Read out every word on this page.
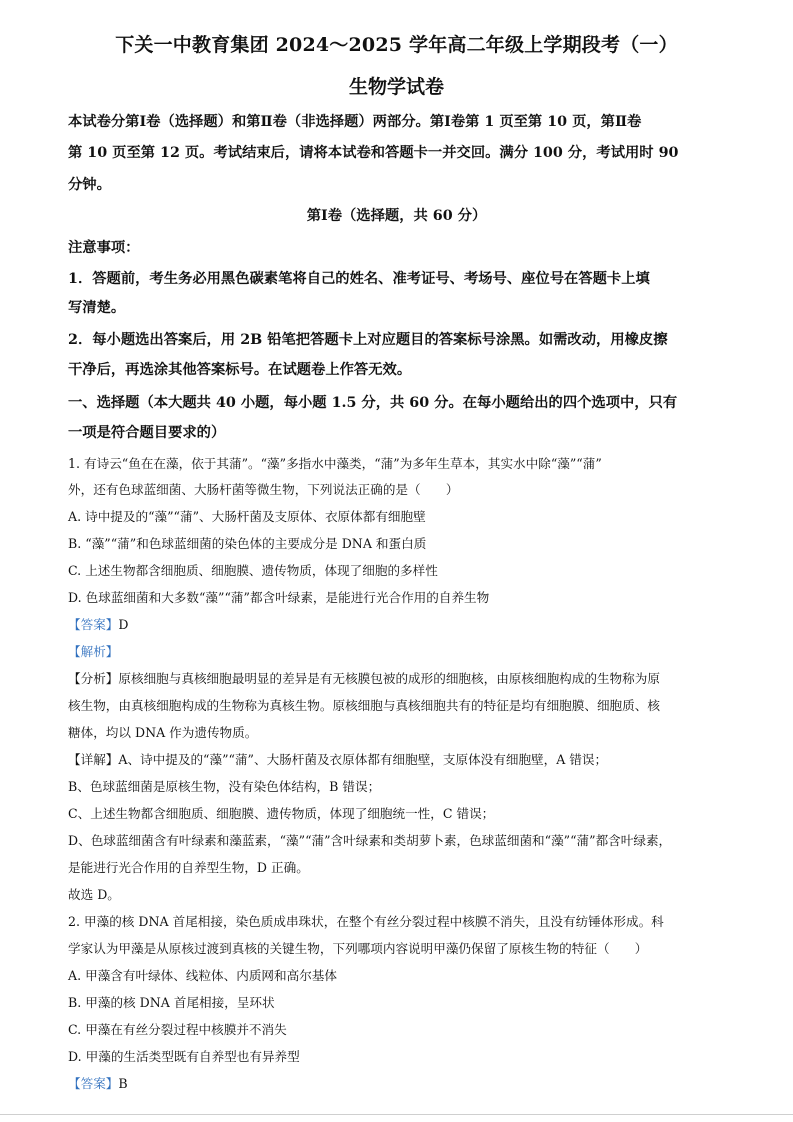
下关一中教育集团 2024～2025 学年高二年级上学期段考（一）
生物学试卷
本试卷分第Ⅰ卷（选择题）和第Ⅱ卷（非选择题）两部分。第Ⅰ卷第 1 页至第 10 页，第Ⅱ卷
第 10 页至第 12 页。考试结束后，请将本试卷和答题卡一并交回。满分 100 分，考试用时 90
分钟。
第Ⅰ卷（选择题，共 60 分）
注意事项：
1．答题前，考生务必用黑色碳素笔将自己的姓名、准考证号、考场号、座位号在答题卡上填
写清楚。
2．每小题选出答案后，用 2B 铅笔把答题卡上对应题目的答案标号涂黑。如需改动，用橡皮擦
干净后，再选涂其他答案标号。在试题卷上作答无效。
一、选择题（本大题共 40 小题，每小题 1.5 分，共 60 分。在每小题给出的四个选项中，只有
一项是符合题目要求的）
1. 有诗云“鱼在在藻，依于其蒲”。“藻”多指水中藻类，“蒲”为多年生草本，其实水中除“藻”“蒲”
外，还有色球蓝细菌、大肠杆菌等微生物，下列说法正确的是（　　）
A. 诗中提及的“藻”“蒲”、大肠杆菌及支原体、衣原体都有细胞壁
B. “藻”“蒲”和色球蓝细菌的染色体的主要成分是 DNA 和蛋白质
C. 上述生物都含细胞质、细胞膜、遗传物质，体现了细胞的多样性
D. 色球蓝细菌和大多数“藻”“蒲”都含叶绿素，是能进行光合作用的自养生物
【答案】D
【解析】
【分析】原核细胞与真核细胞最明显的差异是有无核膜包被的成形的细胞核，由原核细胞构成的生物称为原
核生物，由真核细胞构成的生物称为真核生物。原核细胞与真核细胞共有的特征是均有细胞膜、细胞质、核
糖体，均以 DNA 作为遗传物质。
【详解】A、诗中提及的“藻”“蒲”、大肠杆菌及衣原体都有细胞壁，支原体没有细胞壁，A 错误；
B、色球蓝细菌是原核生物，没有染色体结构，B 错误；
C、上述生物都含细胞质、细胞膜、遗传物质，体现了细胞统一性，C 错误；
D、色球蓝细菌含有叶绿素和藻蓝素，“藻”“蒲”含叶绿素和类胡萝卜素，色球蓝细菌和“藻”“蒲”都含叶绿素，
是能进行光合作用的自养型生物，D 正确。
故选 D。
2. 甲藻的核 DNA 首尾相接，染色质成串珠状，在整个有丝分裂过程中核膜不消失，且没有纺锤体形成。科
学家认为甲藻是从原核过渡到真核的关键生物，下列哪项内容说明甲藻仍保留了原核生物的特征（　　）
A. 甲藻含有叶绿体、线粒体、内质网和高尔基体
B. 甲藻的核 DNA 首尾相接，呈环状
C. 甲藻在有丝分裂过程中核膜并不消失
D. 甲藻的生活类型既有自养型也有异养型
【答案】B
